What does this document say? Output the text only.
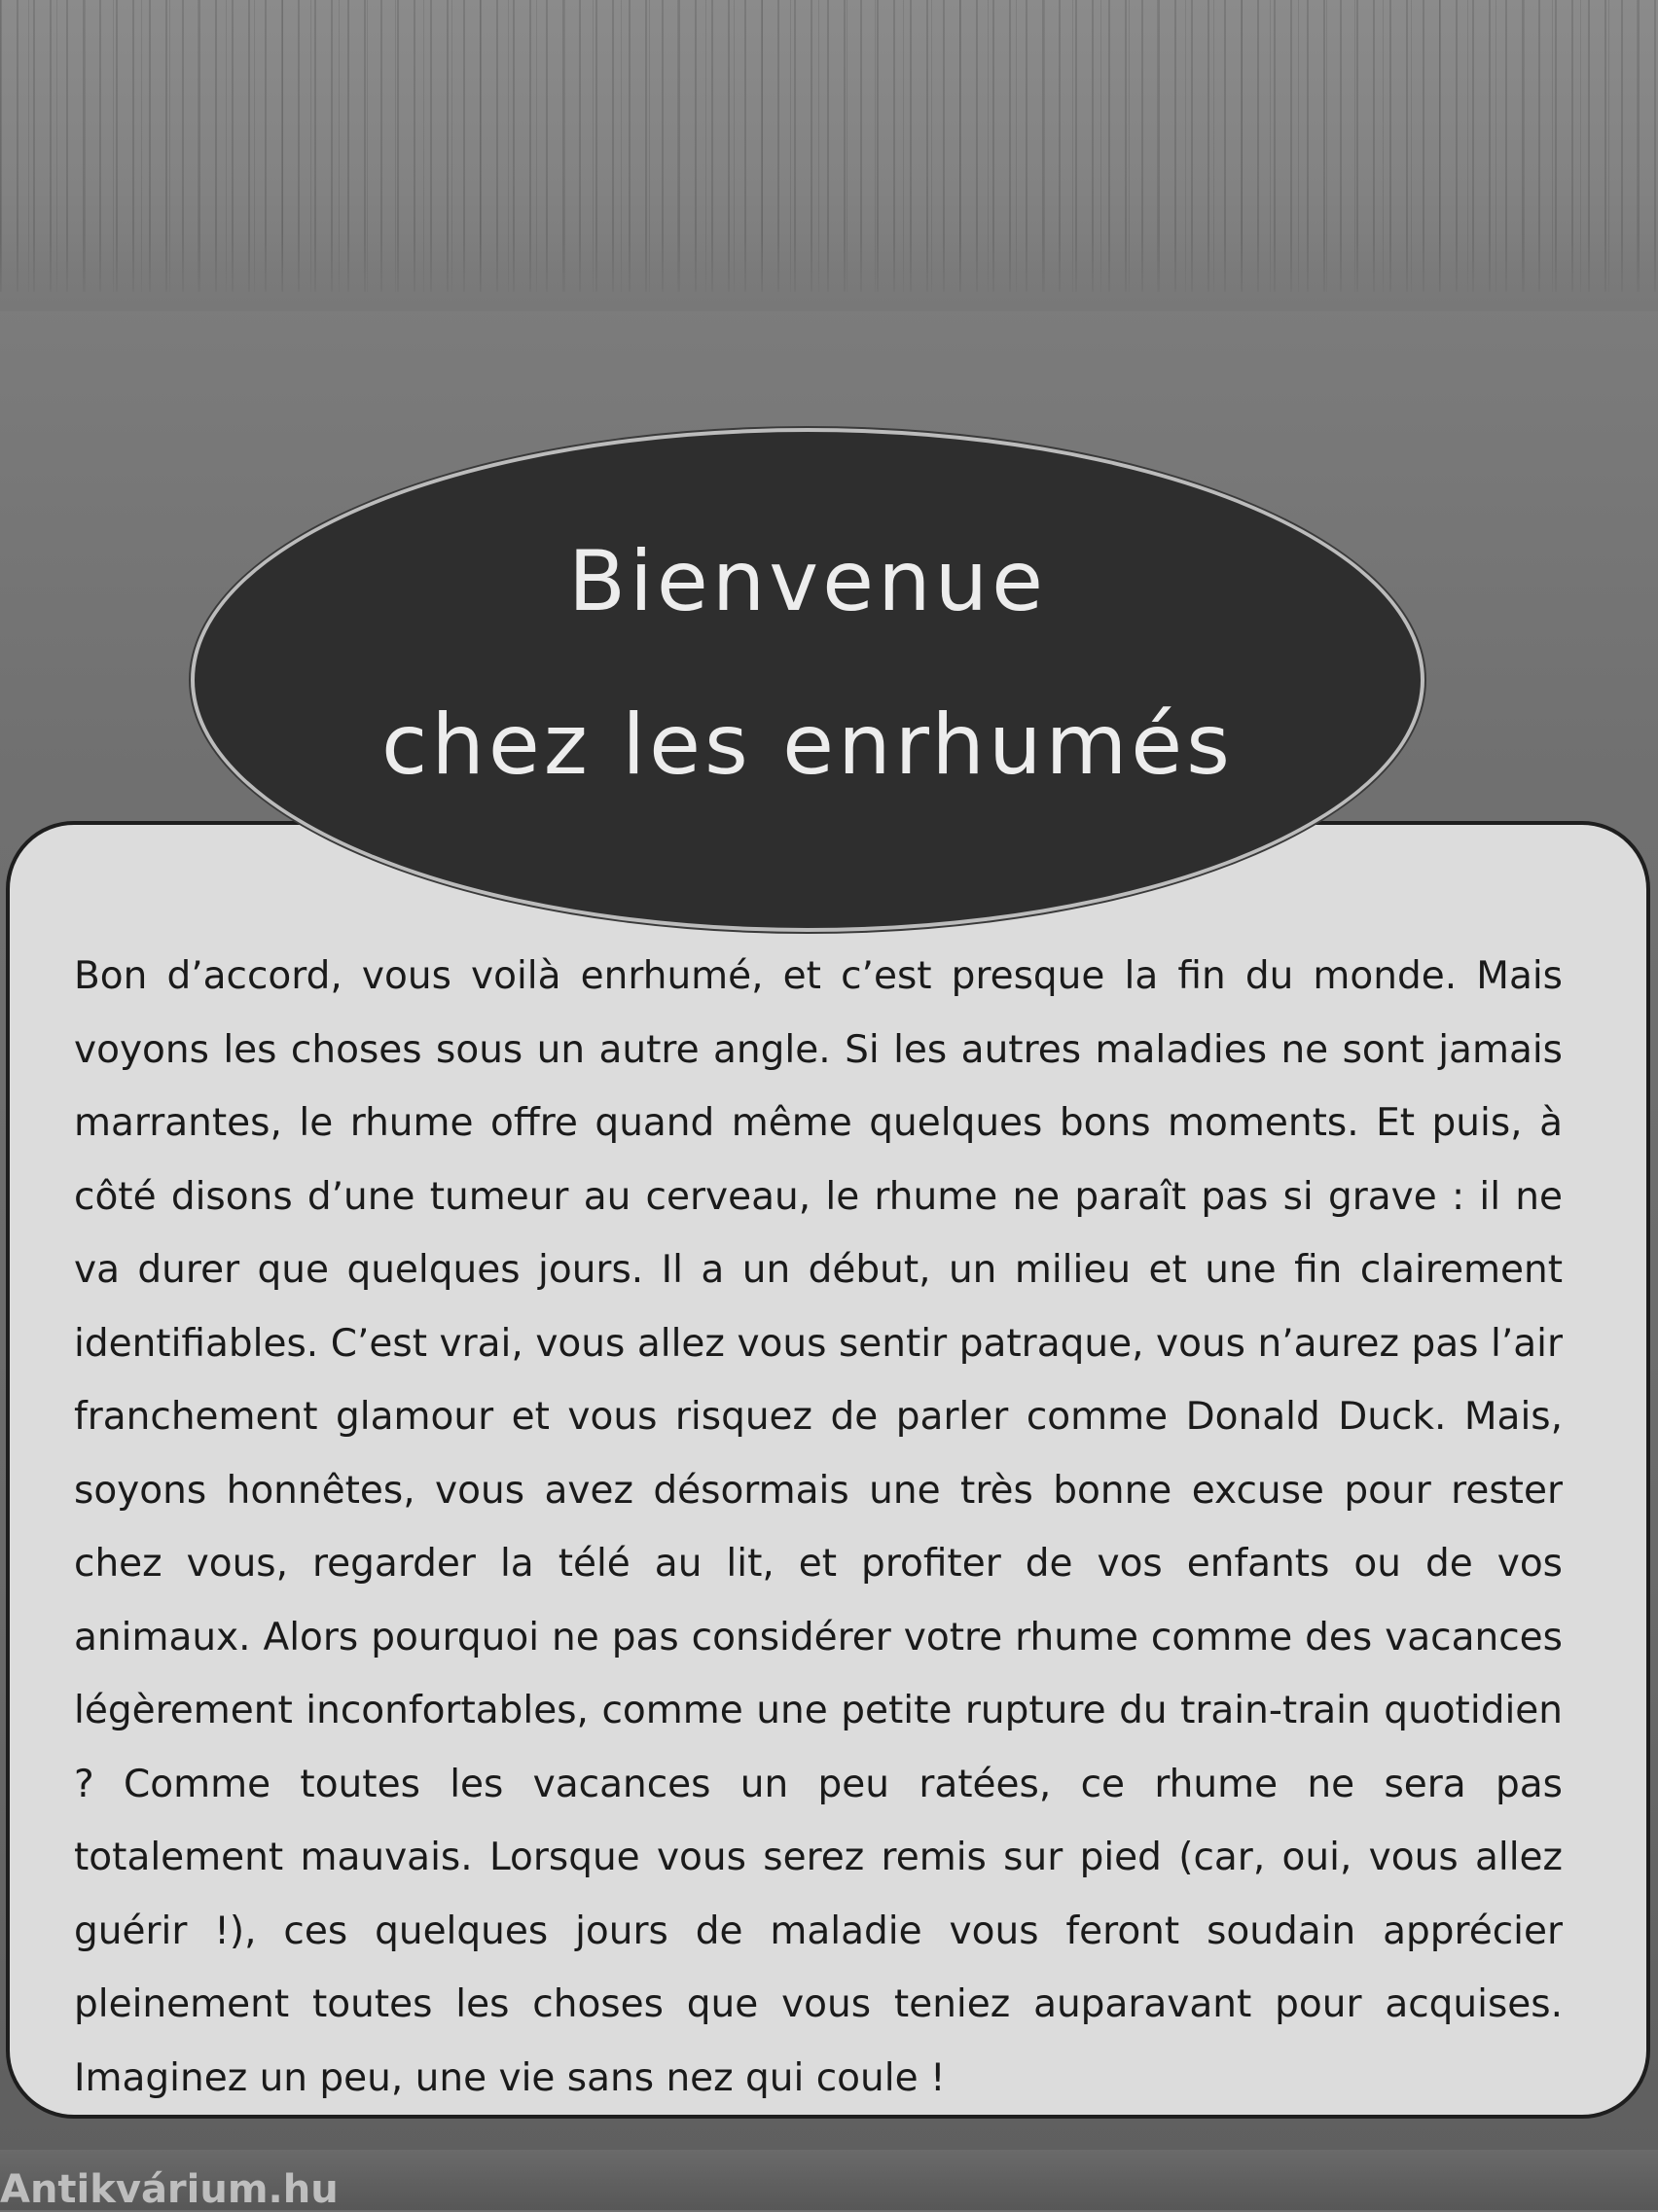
Bienvenue
chez les enrhumés

Bon d’accord, vous voilà enrhumé, et c’est presque la fin du monde. Mais voyons les choses sous un autre angle. Si les autres maladies ne sont jamais marrantes, le rhume offre quand même quelques bons moments. Et puis, à côté disons d’une tumeur au cerveau, le rhume ne paraît pas si grave : il ne va durer que quelques jours. Il a un début, un milieu et une fin clairement identifiables. C’est vrai, vous allez vous sentir patraque, vous n’aurez pas l’air franchement glamour et vous risquez de parler comme Donald Duck. Mais, soyons honnêtes, vous avez désormais une très bonne excuse pour rester chez vous, regarder la télé au lit, et profiter de vos enfants ou de vos animaux. Alors pourquoi ne pas considérer votre rhume comme des vacances légèrement inconfortables, comme une petite rupture du train-train quotidien ? Comme toutes les vacances un peu ratées, ce rhume ne sera pas totalement mauvais. Lorsque vous serez remis sur pied (car, oui, vous allez guérir !), ces quelques jours de maladie vous feront soudain apprécier pleinement toutes les choses que vous teniez auparavant pour acquises. Imaginez un peu, une vie sans nez qui coule !

Antikvárium.hu
